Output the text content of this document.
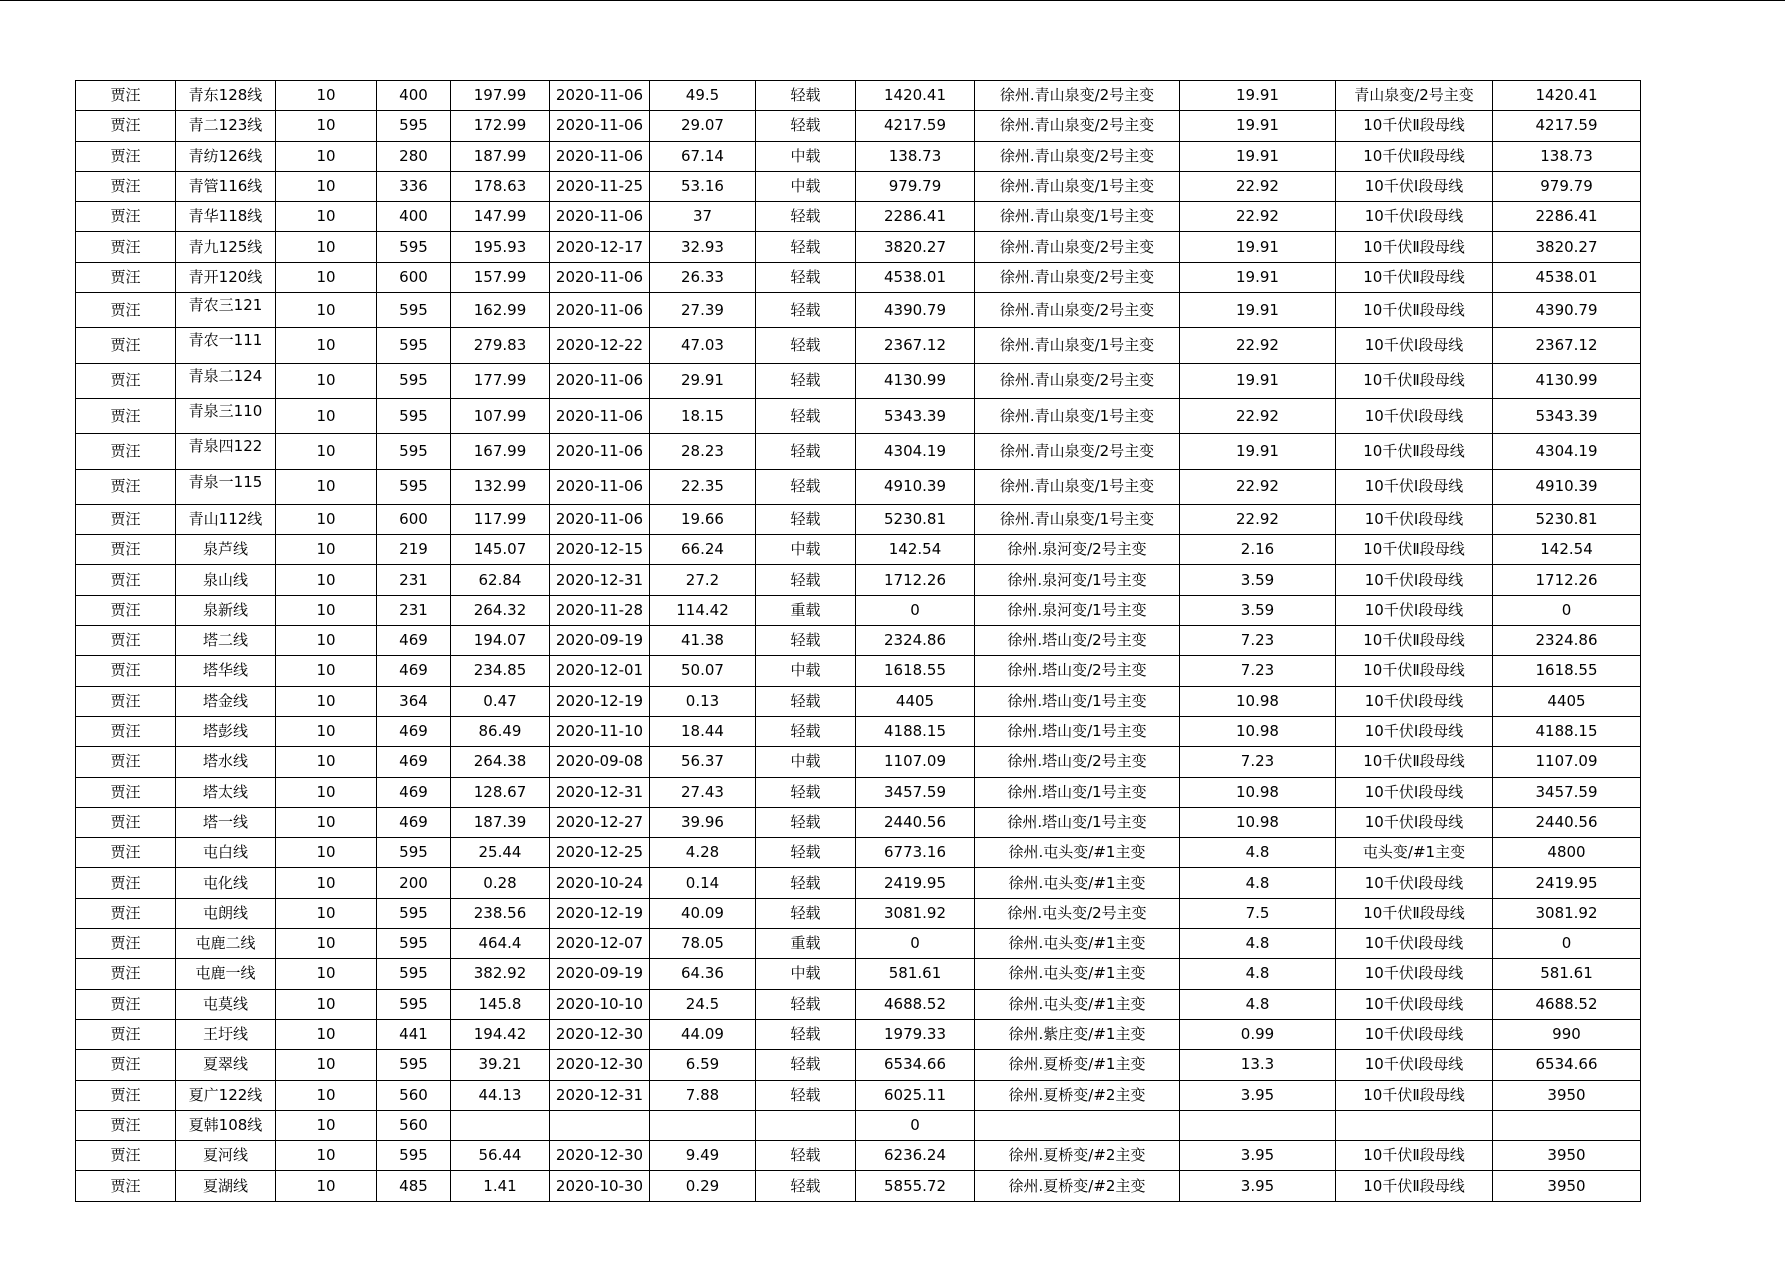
贾汪	青东128线	10	400	197.99	2020-11-06	49.5	轻载	1420.41	徐州.青山泉变/2号主变	19.91	青山泉变/2号主变	1420.41
贾汪	青二123线	10	595	172.99	2020-11-06	29.07	轻载	4217.59	徐州.青山泉变/2号主变	19.91	10千伏Ⅱ段母线	4217.59
贾汪	青纺126线	10	280	187.99	2020-11-06	67.14	中载	138.73	徐州.青山泉变/2号主变	19.91	10千伏Ⅱ段母线	138.73
贾汪	青管116线	10	336	178.63	2020-11-25	53.16	中载	979.79	徐州.青山泉变/1号主变	22.92	10千伏Ⅰ段母线	979.79
贾汪	青华118线	10	400	147.99	2020-11-06	37	轻载	2286.41	徐州.青山泉变/1号主变	22.92	10千伏Ⅰ段母线	2286.41
贾汪	青九125线	10	595	195.93	2020-12-17	32.93	轻载	3820.27	徐州.青山泉变/2号主变	19.91	10千伏Ⅱ段母线	3820.27
贾汪	青开120线	10	600	157.99	2020-11-06	26.33	轻载	4538.01	徐州.青山泉变/2号主变	19.91	10千伏Ⅱ段母线	4538.01
贾汪	青农三121	10	595	162.99	2020-11-06	27.39	轻载	4390.79	徐州.青山泉变/2号主变	19.91	10千伏Ⅱ段母线	4390.79
贾汪	青农一111	10	595	279.83	2020-12-22	47.03	轻载	2367.12	徐州.青山泉变/1号主变	22.92	10千伏Ⅰ段母线	2367.12
贾汪	青泉二124	10	595	177.99	2020-11-06	29.91	轻载	4130.99	徐州.青山泉变/2号主变	19.91	10千伏Ⅱ段母线	4130.99
贾汪	青泉三110	10	595	107.99	2020-11-06	18.15	轻载	5343.39	徐州.青山泉变/1号主变	22.92	10千伏Ⅰ段母线	5343.39
贾汪	青泉四122	10	595	167.99	2020-11-06	28.23	轻载	4304.19	徐州.青山泉变/2号主变	19.91	10千伏Ⅱ段母线	4304.19
贾汪	青泉一115	10	595	132.99	2020-11-06	22.35	轻载	4910.39	徐州.青山泉变/1号主变	22.92	10千伏Ⅰ段母线	4910.39
贾汪	青山112线	10	600	117.99	2020-11-06	19.66	轻载	5230.81	徐州.青山泉变/1号主变	22.92	10千伏Ⅰ段母线	5230.81
贾汪	泉芦线	10	219	145.07	2020-12-15	66.24	中载	142.54	徐州.泉河变/2号主变	2.16	10千伏Ⅱ段母线	142.54
贾汪	泉山线	10	231	62.84	2020-12-31	27.2	轻载	1712.26	徐州.泉河变/1号主变	3.59	10千伏Ⅰ段母线	1712.26
贾汪	泉新线	10	231	264.32	2020-11-28	114.42	重载	0	徐州.泉河变/1号主变	3.59	10千伏Ⅰ段母线	0
贾汪	塔二线	10	469	194.07	2020-09-19	41.38	轻载	2324.86	徐州.塔山变/2号主变	7.23	10千伏Ⅱ段母线	2324.86
贾汪	塔华线	10	469	234.85	2020-12-01	50.07	中载	1618.55	徐州.塔山变/2号主变	7.23	10千伏Ⅱ段母线	1618.55
贾汪	塔金线	10	364	0.47	2020-12-19	0.13	轻载	4405	徐州.塔山变/1号主变	10.98	10千伏Ⅰ段母线	4405
贾汪	塔彭线	10	469	86.49	2020-11-10	18.44	轻载	4188.15	徐州.塔山变/1号主变	10.98	10千伏Ⅰ段母线	4188.15
贾汪	塔水线	10	469	264.38	2020-09-08	56.37	中载	1107.09	徐州.塔山变/2号主变	7.23	10千伏Ⅱ段母线	1107.09
贾汪	塔太线	10	469	128.67	2020-12-31	27.43	轻载	3457.59	徐州.塔山变/1号主变	10.98	10千伏Ⅰ段母线	3457.59
贾汪	塔一线	10	469	187.39	2020-12-27	39.96	轻载	2440.56	徐州.塔山变/1号主变	10.98	10千伏Ⅰ段母线	2440.56
贾汪	屯白线	10	595	25.44	2020-12-25	4.28	轻载	6773.16	徐州.屯头变/#1主变	4.8	屯头变/#1主变	4800
贾汪	屯化线	10	200	0.28	2020-10-24	0.14	轻载	2419.95	徐州.屯头变/#1主变	4.8	10千伏Ⅰ段母线	2419.95
贾汪	屯朗线	10	595	238.56	2020-12-19	40.09	轻载	3081.92	徐州.屯头变/2号主变	7.5	10千伏Ⅱ段母线	3081.92
贾汪	屯鹿二线	10	595	464.4	2020-12-07	78.05	重载	0	徐州.屯头变/#1主变	4.8	10千伏Ⅰ段母线	0
贾汪	屯鹿一线	10	595	382.92	2020-09-19	64.36	中载	581.61	徐州.屯头变/#1主变	4.8	10千伏Ⅰ段母线	581.61
贾汪	屯莫线	10	595	145.8	2020-10-10	24.5	轻载	4688.52	徐州.屯头变/#1主变	4.8	10千伏Ⅰ段母线	4688.52
贾汪	王圩线	10	441	194.42	2020-12-30	44.09	轻载	1979.33	徐州.紫庄变/#1主变	0.99	10千伏Ⅰ段母线	990
贾汪	夏翠线	10	595	39.21	2020-12-30	6.59	轻载	6534.66	徐州.夏桥变/#1主变	13.3	10千伏Ⅰ段母线	6534.66
贾汪	夏广122线	10	560	44.13	2020-12-31	7.88	轻载	6025.11	徐州.夏桥变/#2主变	3.95	10千伏Ⅱ段母线	3950
贾汪	夏韩108线	10	560					0				
贾汪	夏河线	10	595	56.44	2020-12-30	9.49	轻载	6236.24	徐州.夏桥变/#2主变	3.95	10千伏Ⅱ段母线	3950
贾汪	夏湖线	10	485	1.41	2020-10-30	0.29	轻载	5855.72	徐州.夏桥变/#2主变	3.95	10千伏Ⅱ段母线	3950
